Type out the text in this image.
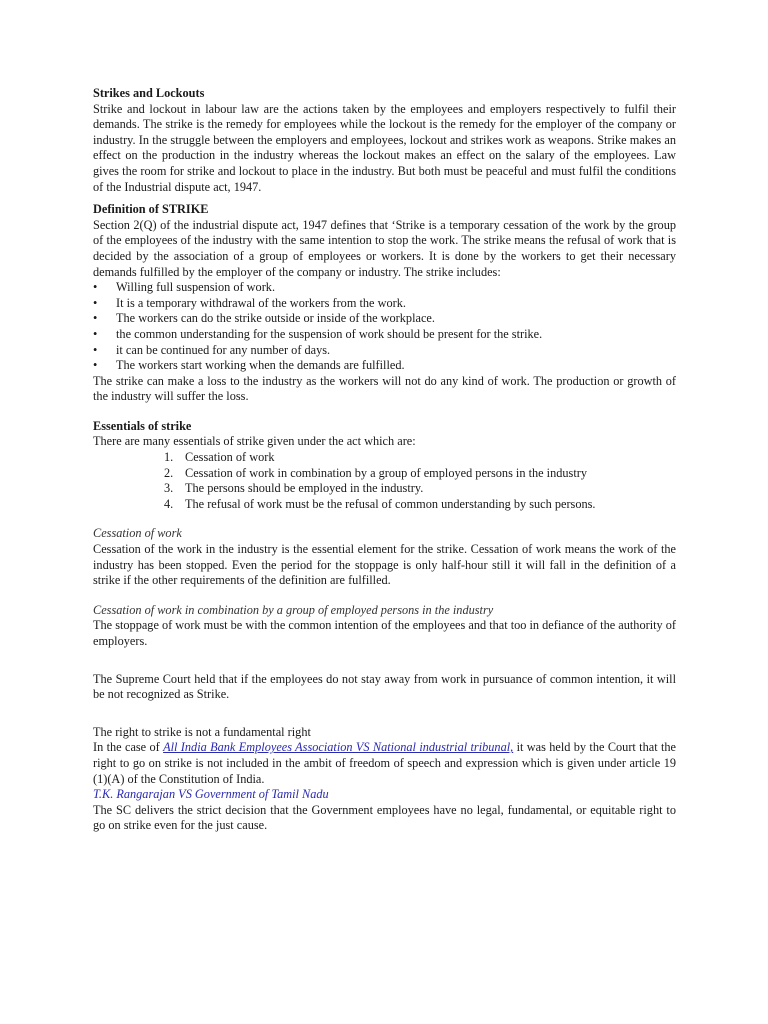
Strikes and Lockouts

Strike and lockout in labour law are the actions taken by the employees and employers respectively to fulfil their demands. The strike is the remedy for employees while the lockout is the remedy for the employer of the company or industry. In the struggle between the employers and employees, lockout and strikes work as weapons. Strike makes an effect on the production in the industry whereas the lockout makes an effect on the salary of the employees. Law gives the room for strike and lockout to place in the industry. But both must be peaceful and must fulfil the conditions of the Industrial dispute act, 1947.

Definition of STRIKE

Section 2(Q) of the industrial dispute act, 1947 defines that ‘Strike is a temporary cessation of the work by the group of the employees of the industry with the same intention to stop the work. The strike means the refusal of work that is decided by the association of a group of employees or workers. It is done by the workers to get their necessary demands fulfilled by the employer of the company or industry. The strike includes:

• Willing full suspension of work.
• It is a temporary withdrawal of the workers from the work.
• The workers can do the strike outside or inside of the workplace.
• the common understanding for the suspension of work should be present for the strike.
• it can be continued for any number of days.
• The workers start working when the demands are fulfilled.

The strike can make a loss to the industry as the workers will not do any kind of work. The production or growth of the industry will suffer the loss.

Essentials of strike

There are many essentials of strike given under the act which are:

1. Cessation of work
2. Cessation of work in combination by a group of employed persons in the industry
3. The persons should be employed in the industry.
4. The refusal of work must be the refusal of common understanding by such persons.

Cessation of work

Cessation of the work in the industry is the essential element for the strike. Cessation of work means the work of the industry has been stopped. Even the period for the stoppage is only half-hour still it will fall in the definition of a strike if the other requirements of the definition are fulfilled.

Cessation of work in combination by a group of employed persons in the industry

The stoppage of work must be with the common intention of the employees and that too in defiance of the authority of employers.

The Supreme Court held that if the employees do not stay away from work in pursuance of common intention, it will be not recognized as Strike.

The right to strike is not a fundamental right

In the case of All India Bank Employees Association VS National industrial tribunal, it was held by the Court that the right to go on strike is not included in the ambit of freedom of speech and expression which is given under article 19 (1)(A) of the Constitution of India.

T.K. Rangarajan VS Government of Tamil Nadu

The SC delivers the strict decision that the Government employees have no legal, fundamental, or equitable right to go on strike even for the just cause.
